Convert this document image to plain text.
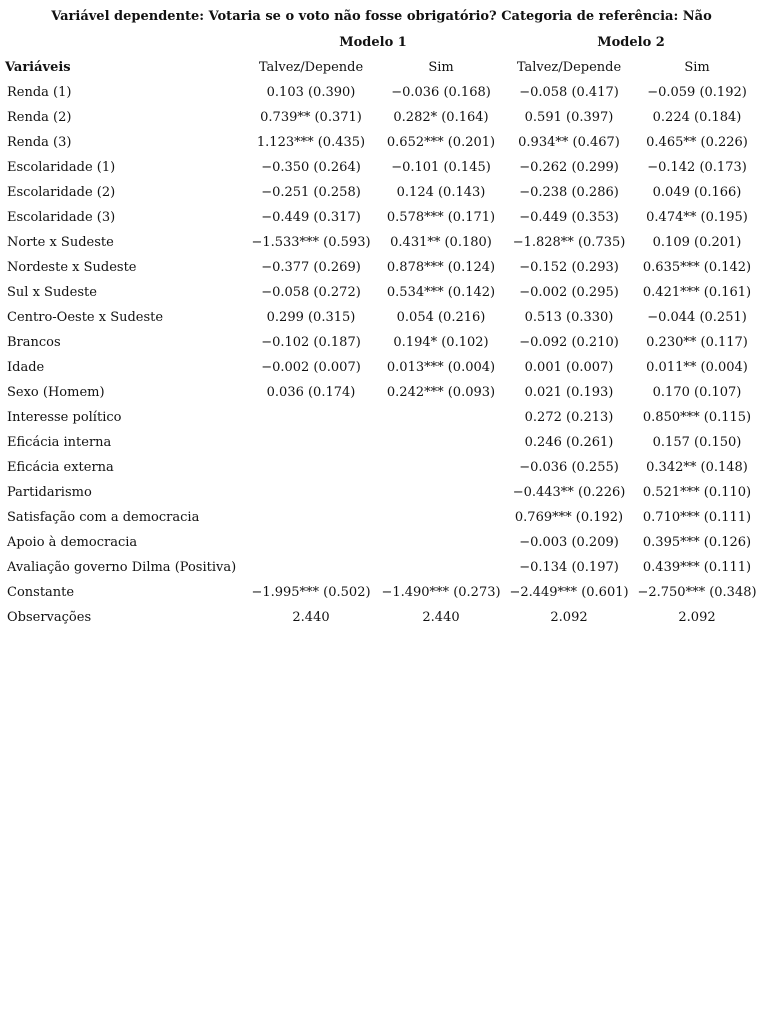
Variável dependente: Votaria se o voto não fosse obrigatório? Categoria de referência: Não
	Modelo 1		Modelo 2	
Variáveis	Talvez/Depende	Sim	Talvez/Depende	Sim
Renda (1)	0.103 (0.390)	−0.036 (0.168)	−0.058 (0.417)	−0.059 (0.192)
Renda (2)	0.739** (0.371)	0.282* (0.164)	0.591 (0.397)	0.224 (0.184)
Renda (3)	1.123*** (0.435)	0.652*** (0.201)	0.934** (0.467)	0.465** (0.226)
Escolaridade (1)	−0.350 (0.264)	−0.101 (0.145)	−0.262 (0.299)	−0.142 (0.173)
Escolaridade (2)	−0.251 (0.258)	0.124 (0.143)	−0.238 (0.286)	0.049 (0.166)
Escolaridade (3)	−0.449 (0.317)	0.578*** (0.171)	−0.449 (0.353)	0.474** (0.195)
Norte x Sudeste	−1.533*** (0.593)	0.431** (0.180)	−1.828** (0.735)	0.109 (0.201)
Nordeste x Sudeste	−0.377 (0.269)	0.878*** (0.124)	−0.152 (0.293)	0.635*** (0.142)
Sul x Sudeste	−0.058 (0.272)	0.534*** (0.142)	−0.002 (0.295)	0.421*** (0.161)
Centro-Oeste x Sudeste	0.299 (0.315)	0.054 (0.216)	0.513 (0.330)	−0.044 (0.251)
Brancos	−0.102 (0.187)	0.194* (0.102)	−0.092 (0.210)	0.230** (0.117)
Idade	−0.002 (0.007)	0.013*** (0.004)	0.001 (0.007)	0.011** (0.004)
Sexo (Homem)	0.036 (0.174)	0.242*** (0.093)	0.021 (0.193)	0.170 (0.107)
Interesse político			0.272 (0.213)	0.850*** (0.115)
Eficácia interna			0.246 (0.261)	0.157 (0.150)
Eficácia externa			−0.036 (0.255)	0.342** (0.148)
Partidarismo			−0.443** (0.226)	0.521*** (0.110)
Satisfação com a democracia			0.769*** (0.192)	0.710*** (0.111)
Apoio à democracia			−0.003 (0.209)	0.395*** (0.126)
Avaliação governo Dilma (Positiva)			−0.134 (0.197)	0.439*** (0.111)
Constante	−1.995*** (0.502)	−1.490*** (0.273)	−2.449*** (0.601)	−2.750*** (0.348)
Observações	2.440	2.440	2.092	2.092
